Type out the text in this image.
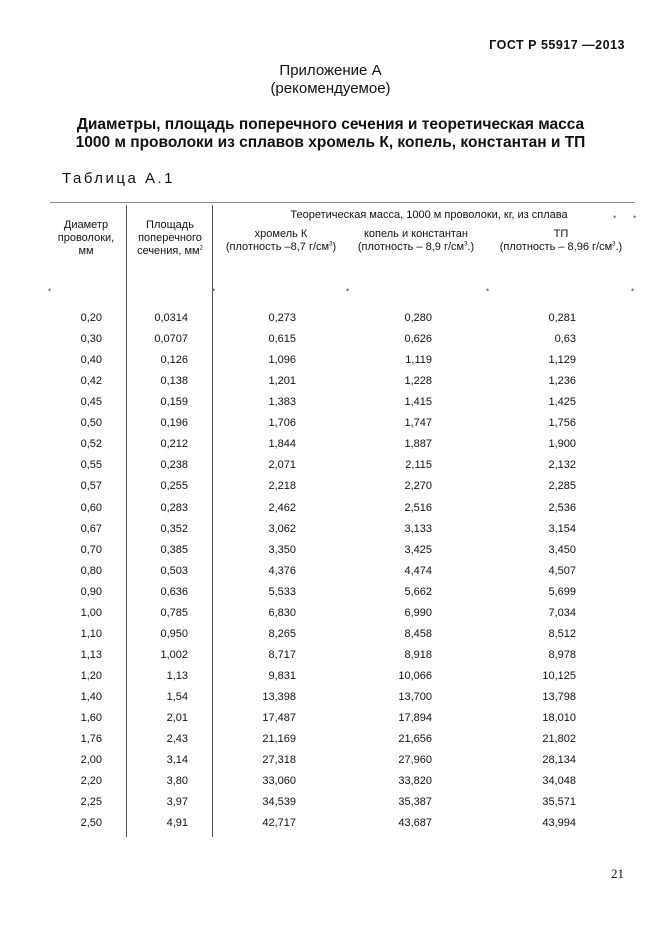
ГОСТ Р 55917 —2013
Приложение А
(рекомендуемое)
Диаметры, площадь поперечного сечения и теоретическая масса
1000 м проволоки из сплавов хромель К, копель, константан и ТП
Таблица А.1
Диаметр
проволоки,
мм
Площадь
поперечного
сечения, $мм^2$
Теоретическая масса, 1000 м проволоки, кг, из сплава
хромель К
(плотность –8,7 $г/см^3$)
копель и константан
(плотность – 8,9 $г/см^3$.)
ТП
(плотность – 8,96 $г/см^3$.)
•	•	•	•	•
• •
0,20	0,0314	0,273	0,280	0,281
0,30	0,0707	0,615	0,626	0,63
0,40	0,126	1,096	1,119	1,129
0,42	0,138	1,201	1,228	1,236
0,45	0,159	1,383	1,415	1,425
0,50	0,196	1,706	1,747	1,756
0,52	0,212	1,844	1,887	1,900
0,55	0,238	2,071	2,115	2,132
0,57	0,255	2,218	2,270	2,285
0,60	0,283	2,462	2,516	2,536
0,67	0,352	3,062	3,133	3,154
0,70	0,385	3,350	3,425	3,450
0,80	0,503	4,376	4,474	4,507
0,90	0,636	5,533	5,662	5,699
1,00	0,785	6,830	6,990	7,034
1,10	0,950	8,265	8,458	8,512
1,13	1,002	8,717	8,918	8,978
1,20	1,13	9,831	10,066	10,125
1,40	1,54	13,398	13,700	13,798
1,60	2,01	17,487	17,894	18,010
1,76	2,43	21,169	21,656	21,802
2,00	3,14	27,318	27,960	28,134
2,20	3,80	33,060	33,820	34,048
2,25	3,97	34,539	35,387	35,571
2,50	4,91	42,717	43,687	43,994
21
